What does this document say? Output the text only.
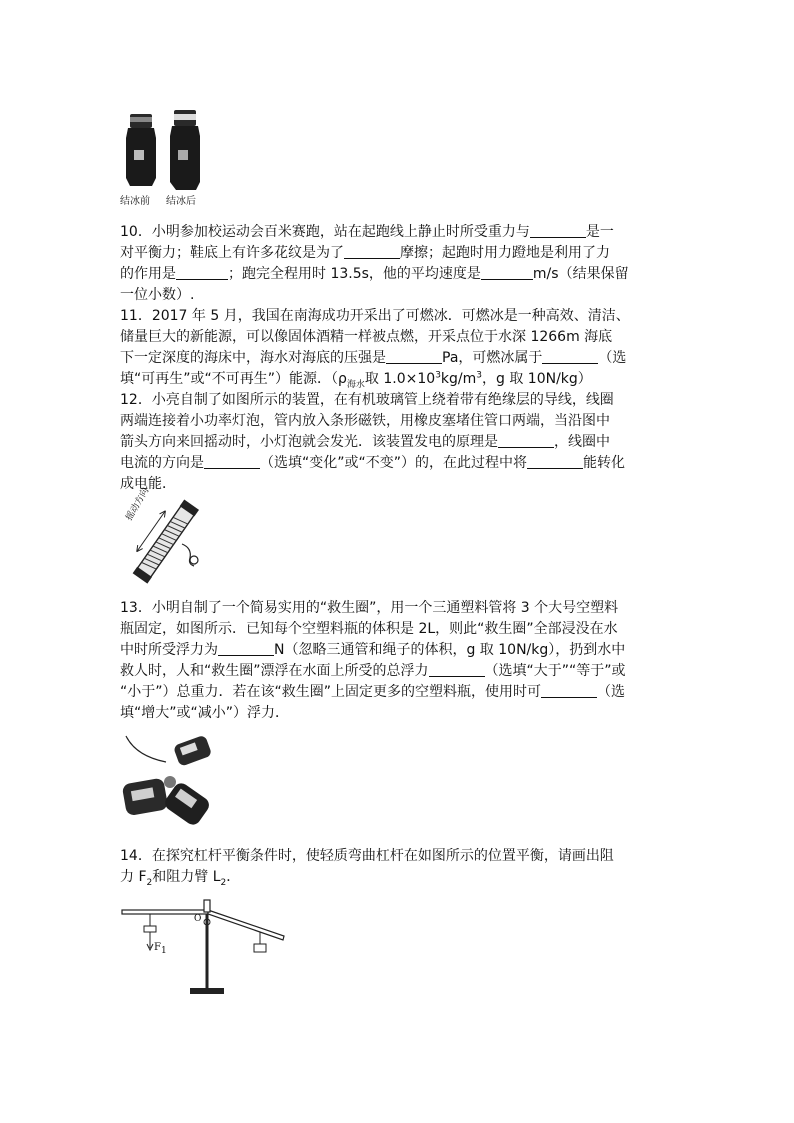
结冰前 结冰后
10．小明参加校运动会百米赛跑，站在起跑线上静止时所受重力与	是一
对平衡力；鞋底上有许多花纹是为了	摩擦；起跑时用力蹬地是利用了力
的作用是	；跑完全程用时 13.5s，他的平均速度是	m/s（结果保留
一位小数）.
11．2017 年 5 月，我国在南海成功开采出了可燃冰．可燃冰是一种高效、清洁、
储量巨大的新能源，可以像固体酒精一样被点燃，开采点位于水深 1266m 海底
下一定深度的海床中，海水对海底的压强是	Pa，可燃冰属于	（选
填“可再生”或“不可再生”）能源．（$\rho_{海水}$取 $1.0\times 10^3kg/m^3$，g 取 10N/kg）
12．小亮自制了如图所示的装置，在有机玻璃管上绕着带有绝缘层的导线，线圈
两端连接着小功率灯泡，管内放入条形磁铁，用橡皮塞堵住管口两端，当沿图中
箭头方向来回摇动时，小灯泡就会发光．该装置发电的原理是	，线圈中
电流的方向是	（选填“变化”或“不变”）的，在此过程中将	能转化
成电能．
摇动方向
13．小明自制了一个简易实用的“救生圈”，用一个三通塑料管将 3 个大号空塑料
瓶固定，如图所示．已知每个空塑料瓶的体积是 2L，则此“救生圈”全部浸没在水
中时所受浮力为	N（忽略三通管和绳子的体积，g 取 10N/kg），扔到水中
救人时，人和“救生圈”漂浮在水面上所受的总浮力	（选填“大于”“等于”或
“小于”）总重力．若在该“救生圈”上固定更多的空塑料瓶，使用时可	（选
填“增大”或“减小”）浮力．
14．在探究杠杆平衡条件时，使轻质弯曲杠杆在如图所示的位置平衡，请画出阻
力 $F_2$和阻力臂 $L_2$．
$F_1$
O
